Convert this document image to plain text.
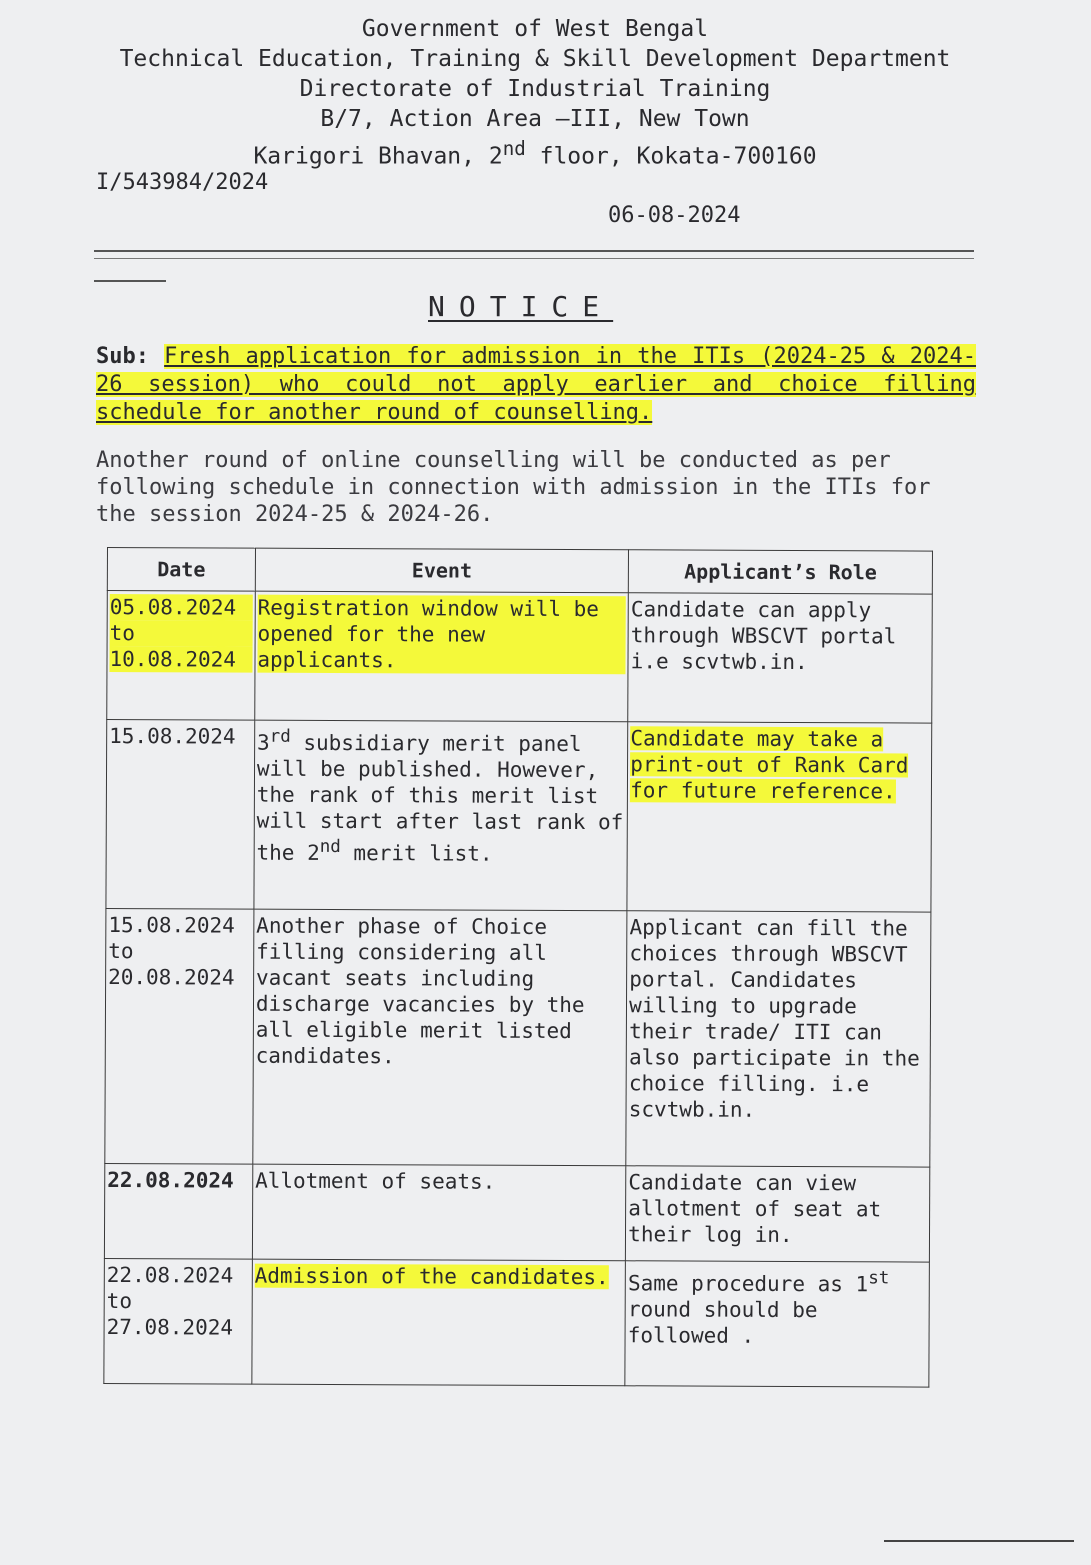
Government of West Bengal
Technical Education, Training & Skill Development Department
Directorate of Industrial Training
B/7, Action Area –III, New Town
Karigori Bhavan, 2nd floor, Kokata-700160
I/543984/2024
06-08-2024
NOTICE
Sub: Fresh application for admission in the ITIs (2024-25 & 2024-26 session) who could not apply earlier and choice filling schedule for another round of counselling.
Another round of online counselling will be conducted as per following schedule in connection with admission in the ITIs for the session 2024-25 & 2024-26.
Date	Event	Applicant’s Role

05.08.2024
to
10.08.2024	Registration window will be opened for the new applicants.	Candidate can apply through WBSCVT portal i.e scvtwb.in.

15.08.2024	3rd subsidiary merit panel will be published. However, the rank of this merit list will start after last rank of the 2nd merit list.	Candidate may take a print-out of Rank Card for future reference.

15.08.2024
to
20.08.2024	Another phase of Choice filling considering all vacant seats including discharge vacancies by the all eligible merit listed candidates.	Applicant can fill the choices through WBSCVT portal. Candidates willing to upgrade their trade/ ITI can also participate in the choice filling. i.e scvtwb.in.

22.08.2024	Allotment of seats.	Candidate can view allotment of seat at their log in.

22.08.2024
to
27.08.2024	Admission of the candidates.	Same procedure as 1st round should be followed .
